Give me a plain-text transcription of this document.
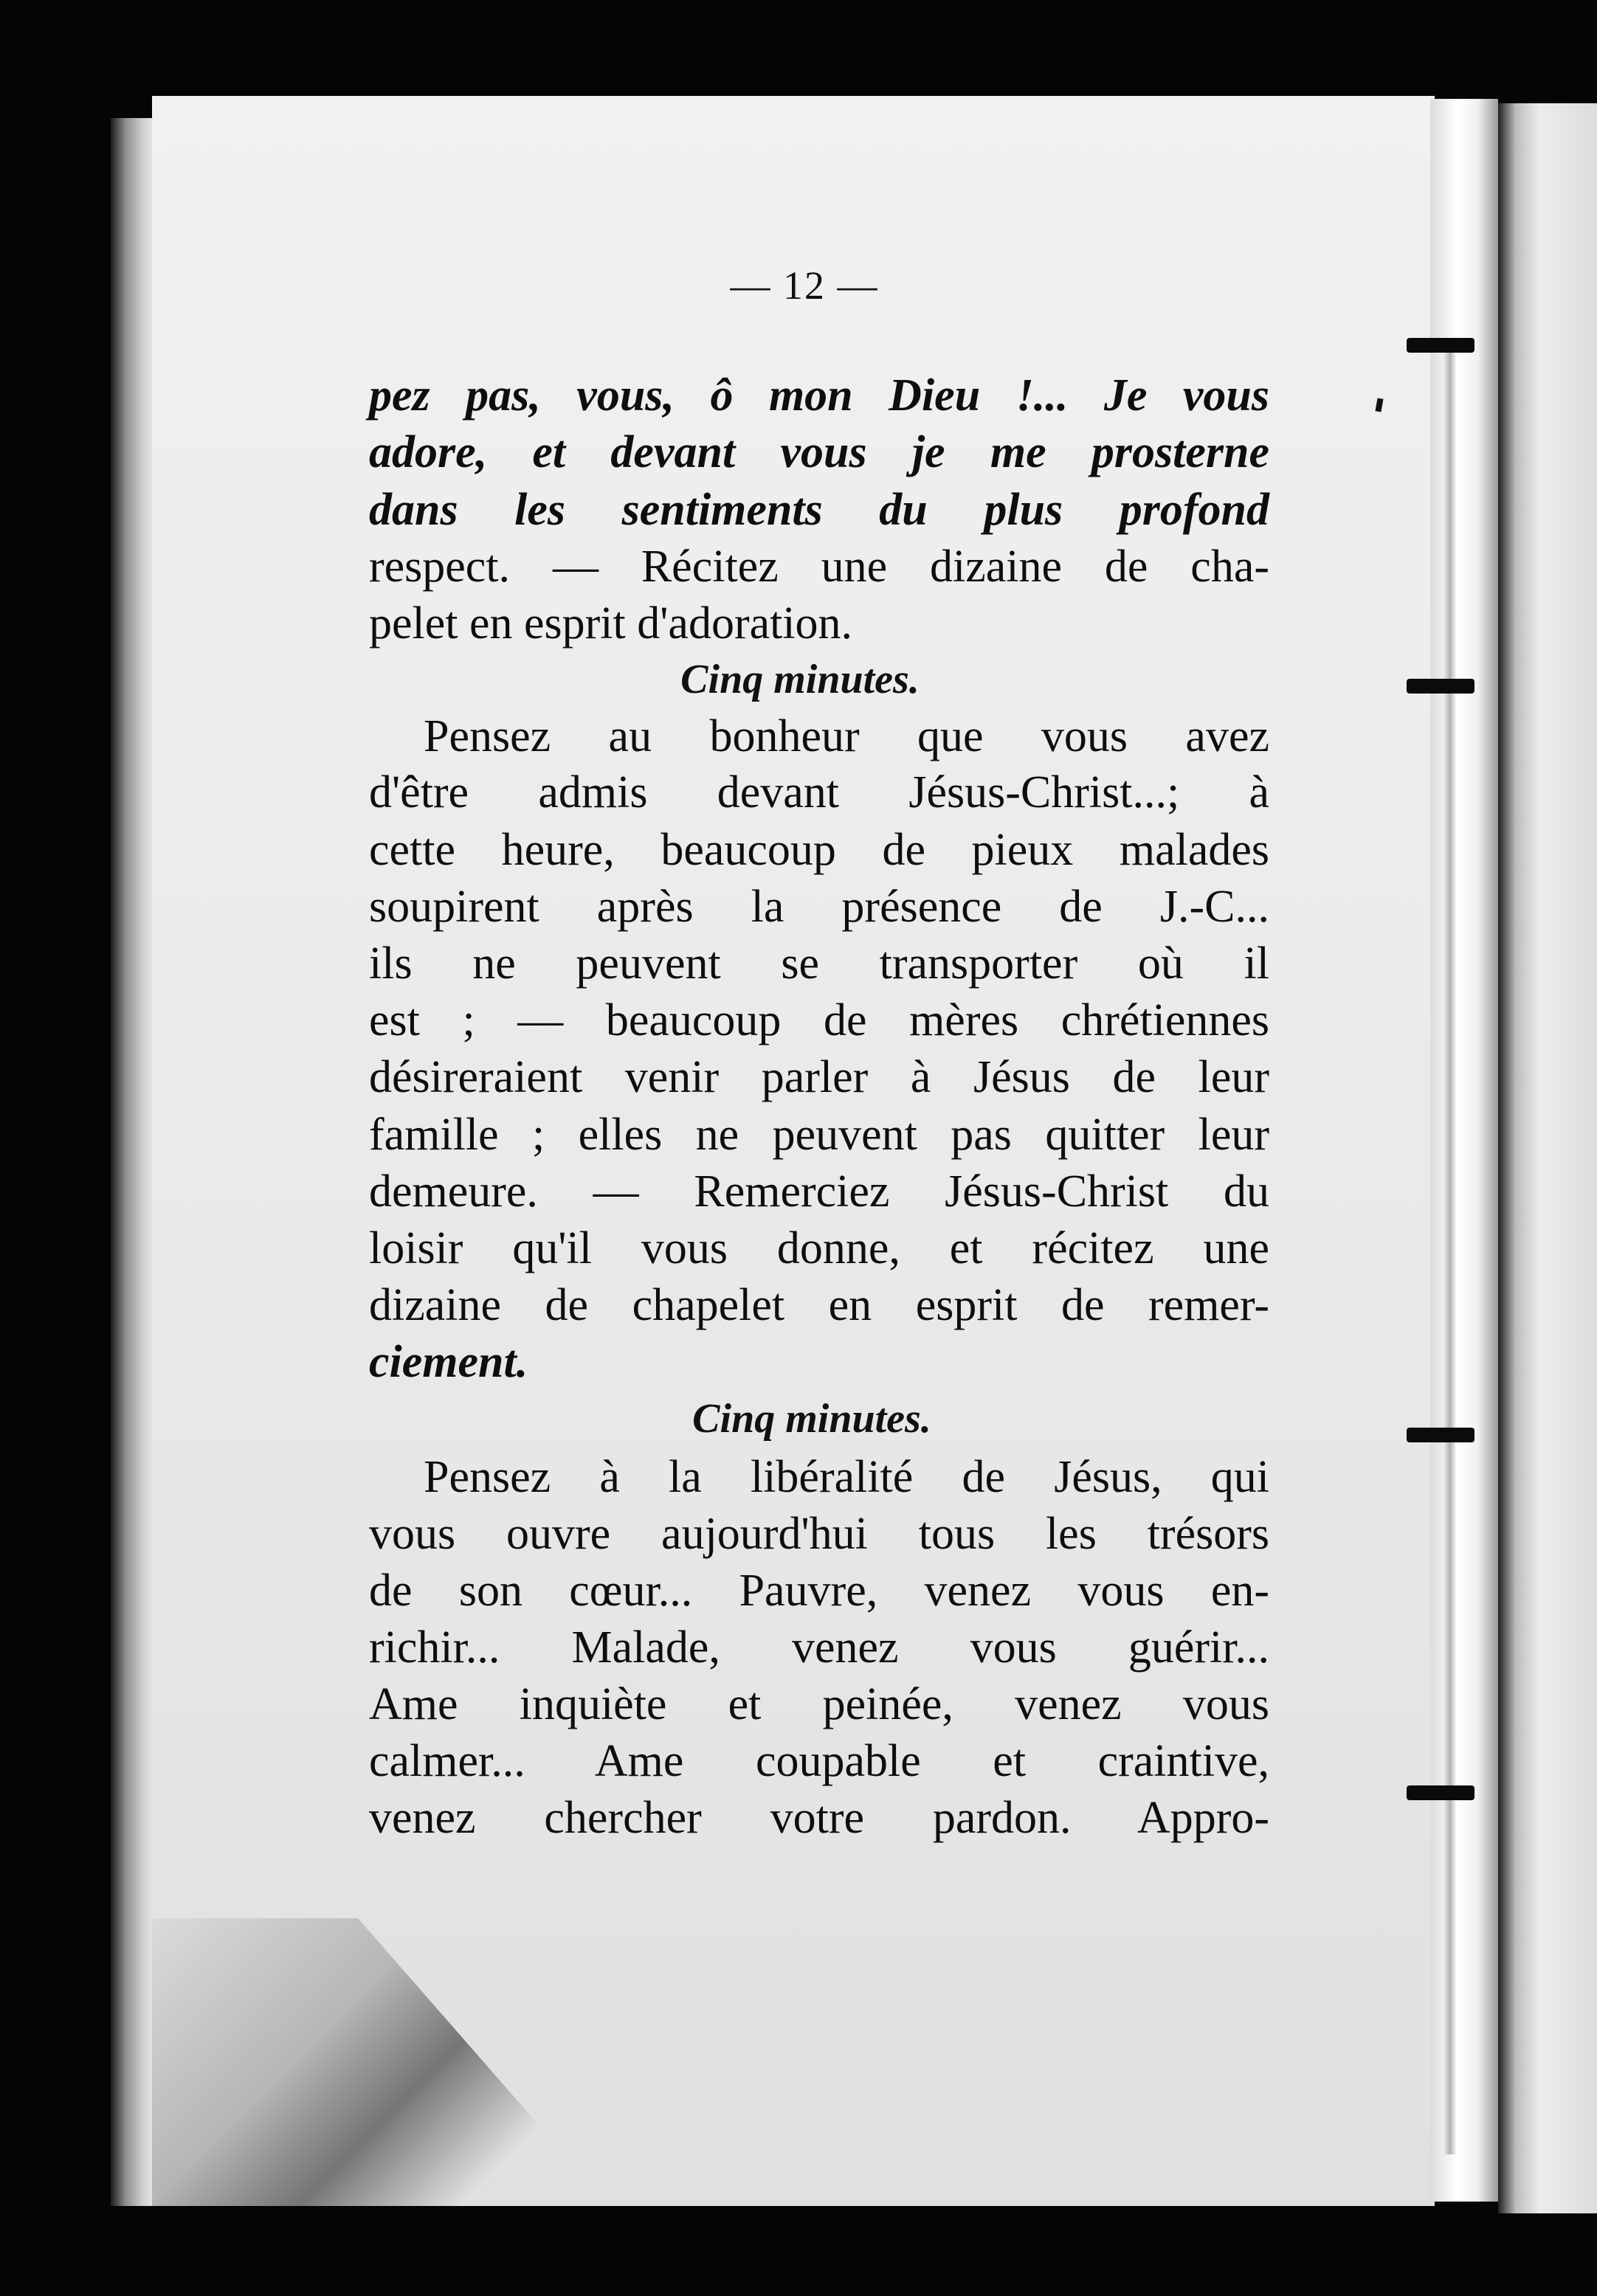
— 12 —
pez pas, vous, ô mon Dieu !... Je vous
adore, et devant vous je me prosterne
dans les sentiments du plus profond
respect. — Récitez une dizaine de cha-
pelet en esprit d'adoration.
Cinq minutes.
Pensez au bonheur que vous avez
d'être admis devant Jésus-Christ...; à
cette heure, beaucoup de pieux malades
soupirent après la présence de J.-C...
ils ne peuvent se transporter où il
est ; — beaucoup de mères chrétiennes
désireraient venir parler à Jésus de leur
famille ; elles ne peuvent pas quitter leur
demeure. — Remerciez Jésus-Christ du
loisir qu'il vous donne, et récitez une
dizaine de chapelet en esprit de remer-
ciement.
Cinq minutes.
Pensez à la libéralité de Jésus, qui
vous ouvre aujourd'hui tous les trésors
de son cœur... Pauvre, venez vous en-
richir... Malade, venez vous guérir...
Ame inquiète et peinée, venez vous
calmer... Ame coupable et craintive,
venez chercher votre pardon. Appro-
